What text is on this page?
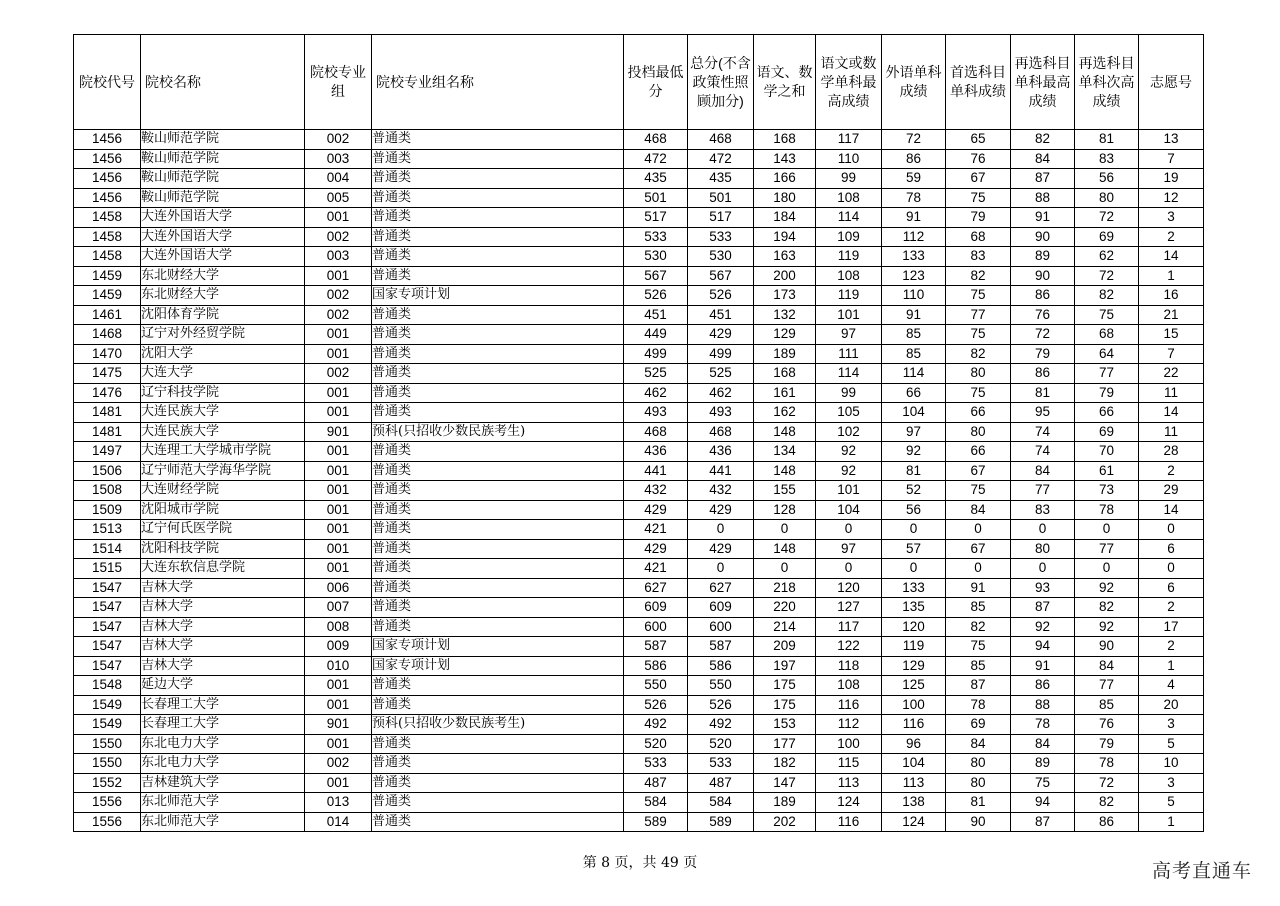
院校代号	院校名称	院校专业组	院校专业组名称	投档最低分	总分(不含政策性照顾加分)	语文、数学之和	语文或数学单科最高成绩	外语单科成绩	首选科目单科成绩	再选科目单科最高成绩	再选科目单科次高成绩	志愿号
1456	鞍山师范学院	002	普通类	468	468	168	117	72	65	82	81	13
1456	鞍山师范学院	003	普通类	472	472	143	110	86	76	84	83	7
1456	鞍山师范学院	004	普通类	435	435	166	99	59	67	87	56	19
1456	鞍山师范学院	005	普通类	501	501	180	108	78	75	88	80	12
1458	大连外国语大学	001	普通类	517	517	184	114	91	79	91	72	3
1458	大连外国语大学	002	普通类	533	533	194	109	112	68	90	69	2
1458	大连外国语大学	003	普通类	530	530	163	119	133	83	89	62	14
1459	东北财经大学	001	普通类	567	567	200	108	123	82	90	72	1
1459	东北财经大学	002	国家专项计划	526	526	173	119	110	75	86	82	16
1461	沈阳体育学院	002	普通类	451	451	132	101	91	77	76	75	21
1468	辽宁对外经贸学院	001	普通类	449	429	129	97	85	75	72	68	15
1470	沈阳大学	001	普通类	499	499	189	111	85	82	79	64	7
1475	大连大学	002	普通类	525	525	168	114	114	80	86	77	22
1476	辽宁科技学院	001	普通类	462	462	161	99	66	75	81	79	11
1481	大连民族大学	001	普通类	493	493	162	105	104	66	95	66	14
1481	大连民族大学	901	预科(只招收少数民族考生)	468	468	148	102	97	80	74	69	11
1497	大连理工大学城市学院	001	普通类	436	436	134	92	92	66	74	70	28
1506	辽宁师范大学海华学院	001	普通类	441	441	148	92	81	67	84	61	2
1508	大连财经学院	001	普通类	432	432	155	101	52	75	77	73	29
1509	沈阳城市学院	001	普通类	429	429	128	104	56	84	83	78	14
1513	辽宁何氏医学院	001	普通类	421	0	0	0	0	0	0	0	0
1514	沈阳科技学院	001	普通类	429	429	148	97	57	67	80	77	6
1515	大连东软信息学院	001	普通类	421	0	0	0	0	0	0	0	0
1547	吉林大学	006	普通类	627	627	218	120	133	91	93	92	6
1547	吉林大学	007	普通类	609	609	220	127	135	85	87	82	2
1547	吉林大学	008	普通类	600	600	214	117	120	82	92	92	17
1547	吉林大学	009	国家专项计划	587	587	209	122	119	75	94	90	2
1547	吉林大学	010	国家专项计划	586	586	197	118	129	85	91	84	1
1548	延边大学	001	普通类	550	550	175	108	125	87	86	77	4
1549	长春理工大学	001	普通类	526	526	175	116	100	78	88	85	20
1549	长春理工大学	901	预科(只招收少数民族考生)	492	492	153	112	116	69	78	76	3
1550	东北电力大学	001	普通类	520	520	177	100	96	84	84	79	5
1550	东北电力大学	002	普通类	533	533	182	115	104	80	89	78	10
1552	吉林建筑大学	001	普通类	487	487	147	113	113	80	75	72	3
1556	东北师范大学	013	普通类	584	584	189	124	138	81	94	82	5
1556	东北师范大学	014	普通类	589	589	202	116	124	90	87	86	1
第 8 页，共 49 页	高考直通车
